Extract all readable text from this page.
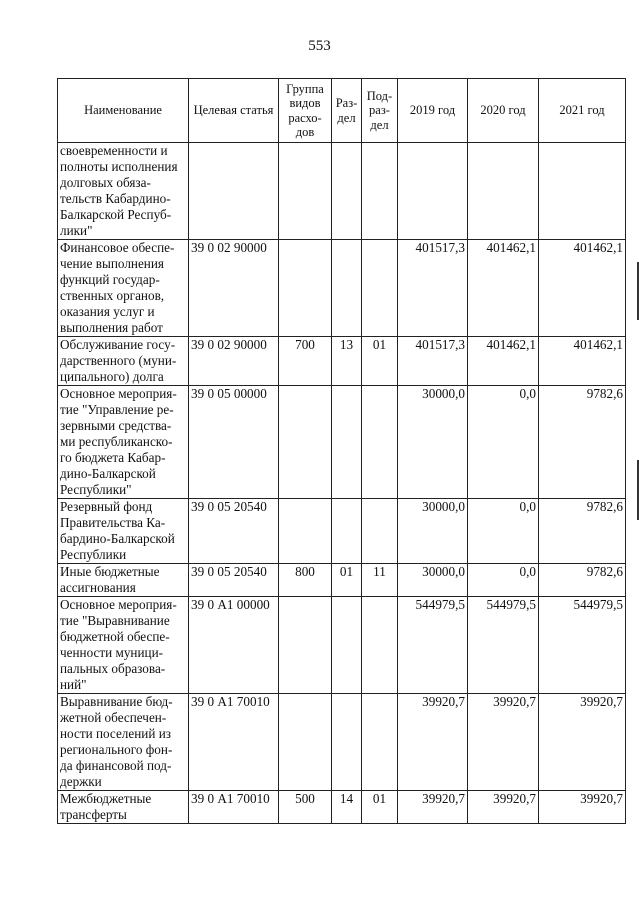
553
Наименование	Целевая статья	Группа видов расхо- дов	Раз- дел	Под- раз- дел	2019 год	2020 год	2021 год
своевременности и полноты исполнения долговых обяза- тельств Кабардино- Балкарской Респуб- лики"							
Финансовое обеспе- чение выполнения функций государ- ственных органов, оказания услуг и выполнения работ	39 0 02 90000				401517,3	401462,1	401462,1
Обслуживание госу- дарственного (муни- ципального) долга	39 0 02 90000	700	13	01	401517,3	401462,1	401462,1
Основное мероприя- тие "Управление ре- зервными средства- ми республиканско- го бюджета Кабар- дино-Балкарской Республики"	39 0 05 00000				30000,0	0,0	9782,6
Резервный фонд Правительства Ка- бардино-Балкарской Республики	39 0 05 20540				30000,0	0,0	9782,6
Иные бюджетные ассигнования	39 0 05 20540	800	01	11	30000,0	0,0	9782,6
Основное мероприя- тие "Выравнивание бюджетной обеспе- ченности муници- пальных образова- ний"	39 0 А1 00000				544979,5	544979,5	544979,5
Выравнивание бюд- жетной обеспечен- ности поселений из регионального фон- да финансовой под- держки	39 0 А1 70010				39920,7	39920,7	39920,7
Межбюджетные трансферты	39 0 А1 70010	500	14	01	39920,7	39920,7	39920,7
